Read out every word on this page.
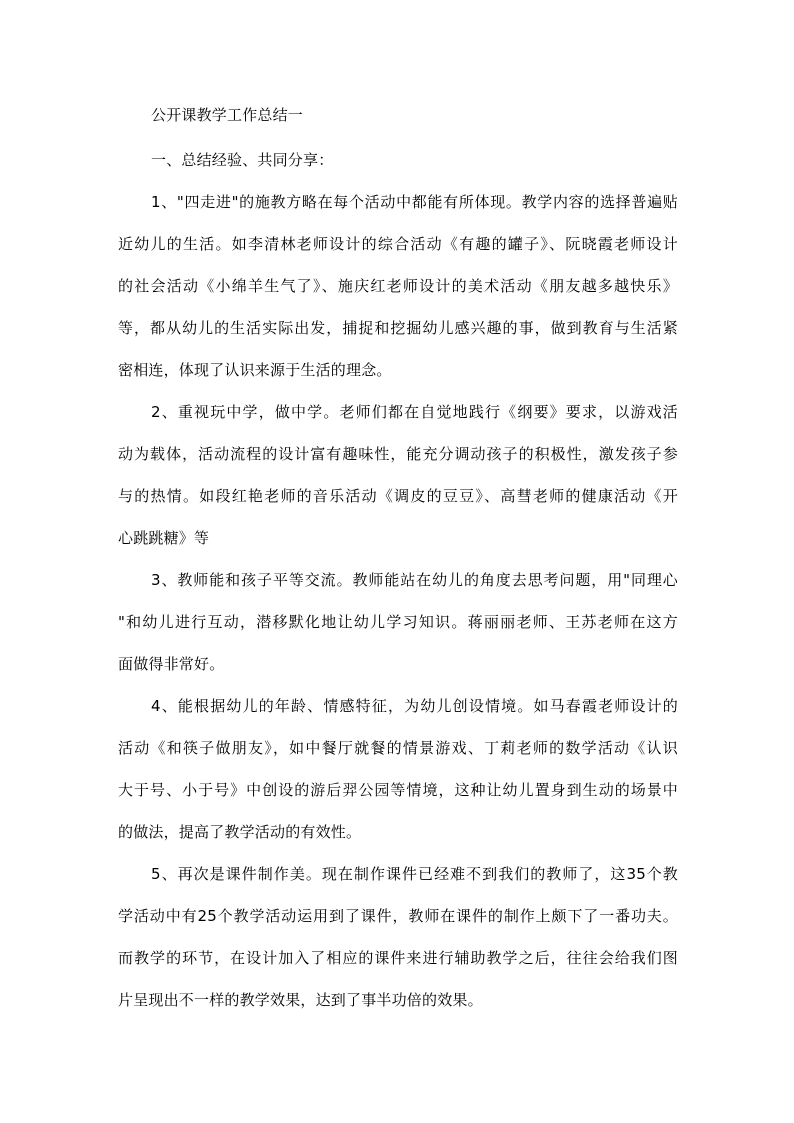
公开课教学工作总结一
一、总结经验、共同分享：
1、"四走进"的施教方略在每个活动中都能有所体现。教学内容的选择普遍贴
近幼儿的生活。如李清林老师设计的综合活动《有趣的罐子》、阮晓霞老师设计
的社会活动《小绵羊生气了》、施庆红老师设计的美术活动《朋友越多越快乐》
等，都从幼儿的生活实际出发，捕捉和挖掘幼儿感兴趣的事，做到教育与生活紧
密相连，体现了认识来源于生活的理念。
2、重视玩中学，做中学。老师们都在自觉地践行《纲要》要求，以游戏活
动为载体，活动流程的设计富有趣味性，能充分调动孩子的积极性，激发孩子参
与的热情。如段红艳老师的音乐活动《调皮的豆豆》、高彗老师的健康活动《开
心跳跳糖》等
3、教师能和孩子平等交流。教师能站在幼儿的角度去思考问题，用"同理心
"和幼儿进行互动，潜移默化地让幼儿学习知识。蒋丽丽老师、王苏老师在这方
面做得非常好。
4、能根据幼儿的年龄、情感特征，为幼儿创设情境。如马春霞老师设计的
活动《和筷子做朋友》，如中餐厅就餐的情景游戏、丁莉老师的数学活动《认识
大于号、小于号》中创设的游后羿公园等情境，这种让幼儿置身到生动的场景中
的做法，提高了教学活动的有效性。
5、再次是课件制作美。现在制作课件已经难不到我们的教师了，这35个教
学活动中有25个教学活动运用到了课件，教师在课件的制作上颇下了一番功夫。
而教学的环节，在设计加入了相应的课件来进行辅助教学之后，往往会给我们图
片呈现出不一样的教学效果，达到了事半功倍的效果。
